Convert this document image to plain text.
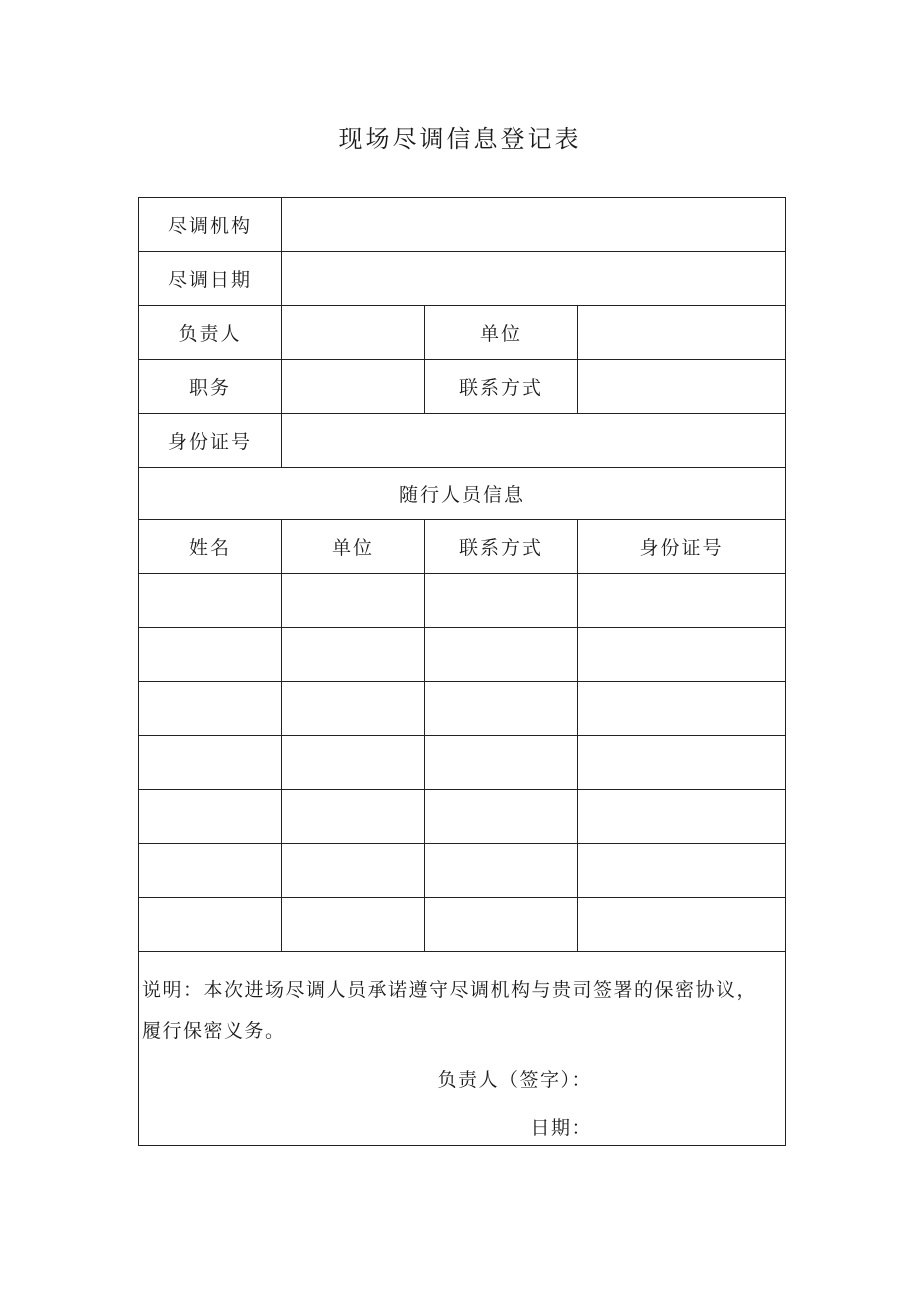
现场尽调信息登记表
尽调机构			
尽调日期			
负责人		单位	
职务		联系方式	
身份证号			
随行人员信息			
姓名	单位	联系方式	身份证号

说明：本次进场尽调人员承诺遵守尽调机构与贵司签署的保密协议，履行保密义务。
负责人（签字）：
日期：			
